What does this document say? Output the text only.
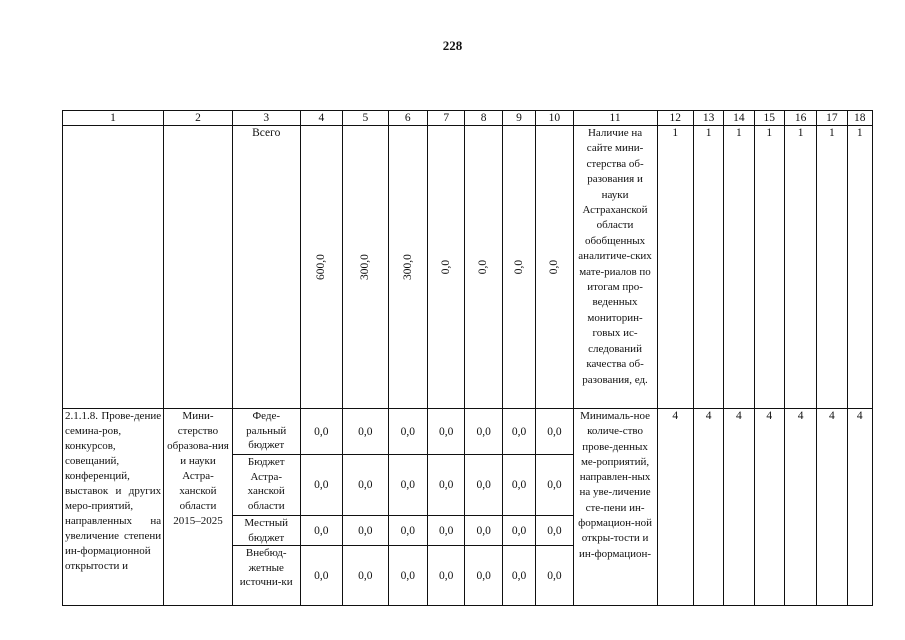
228
1	2	3	4	5	6	7	8	9	10	11	12	13	14	15	16	17	18
		Всего	600,0	300,0	300,0	0,0	0,0	0,0	0,0	Наличие на сайте мини-стерства об-разования и науки Астраханской области обобщенных аналитиче-ских мате-риалов по итогам про-веденных мониторин-говых ис-следований качества об-разования, ед.	1	1	1	1	1	1	1
2.1.1.8. Прове-дение семина-ров, конкурсов, совещаний, конференций, выставок и других меро-приятий, направленных на увеличение степени ин-формационной открытости и	Мини-стерство образова-ния и науки Астра-ханской области 2015–2025	Феде-ральный бюджет	0,0	0,0	0,0	0,0	0,0	0,0	0,0	Минималь-ное количе-ство прове-денных ме-роприятий, направлен-ных на уве-личение сте-пени ин-формацион-ной откры-тости и ин-формацион-	4	4	4	4	4	4	4
		Бюджет Астра-ханской области	0,0	0,0	0,0	0,0	0,0	0,0	0,0								
		Местный бюджет	0,0	0,0	0,0	0,0	0,0	0,0	0,0								
		Внебюд-жетные источни-ки	0,0	0,0	0,0	0,0	0,0	0,0	0,0								
